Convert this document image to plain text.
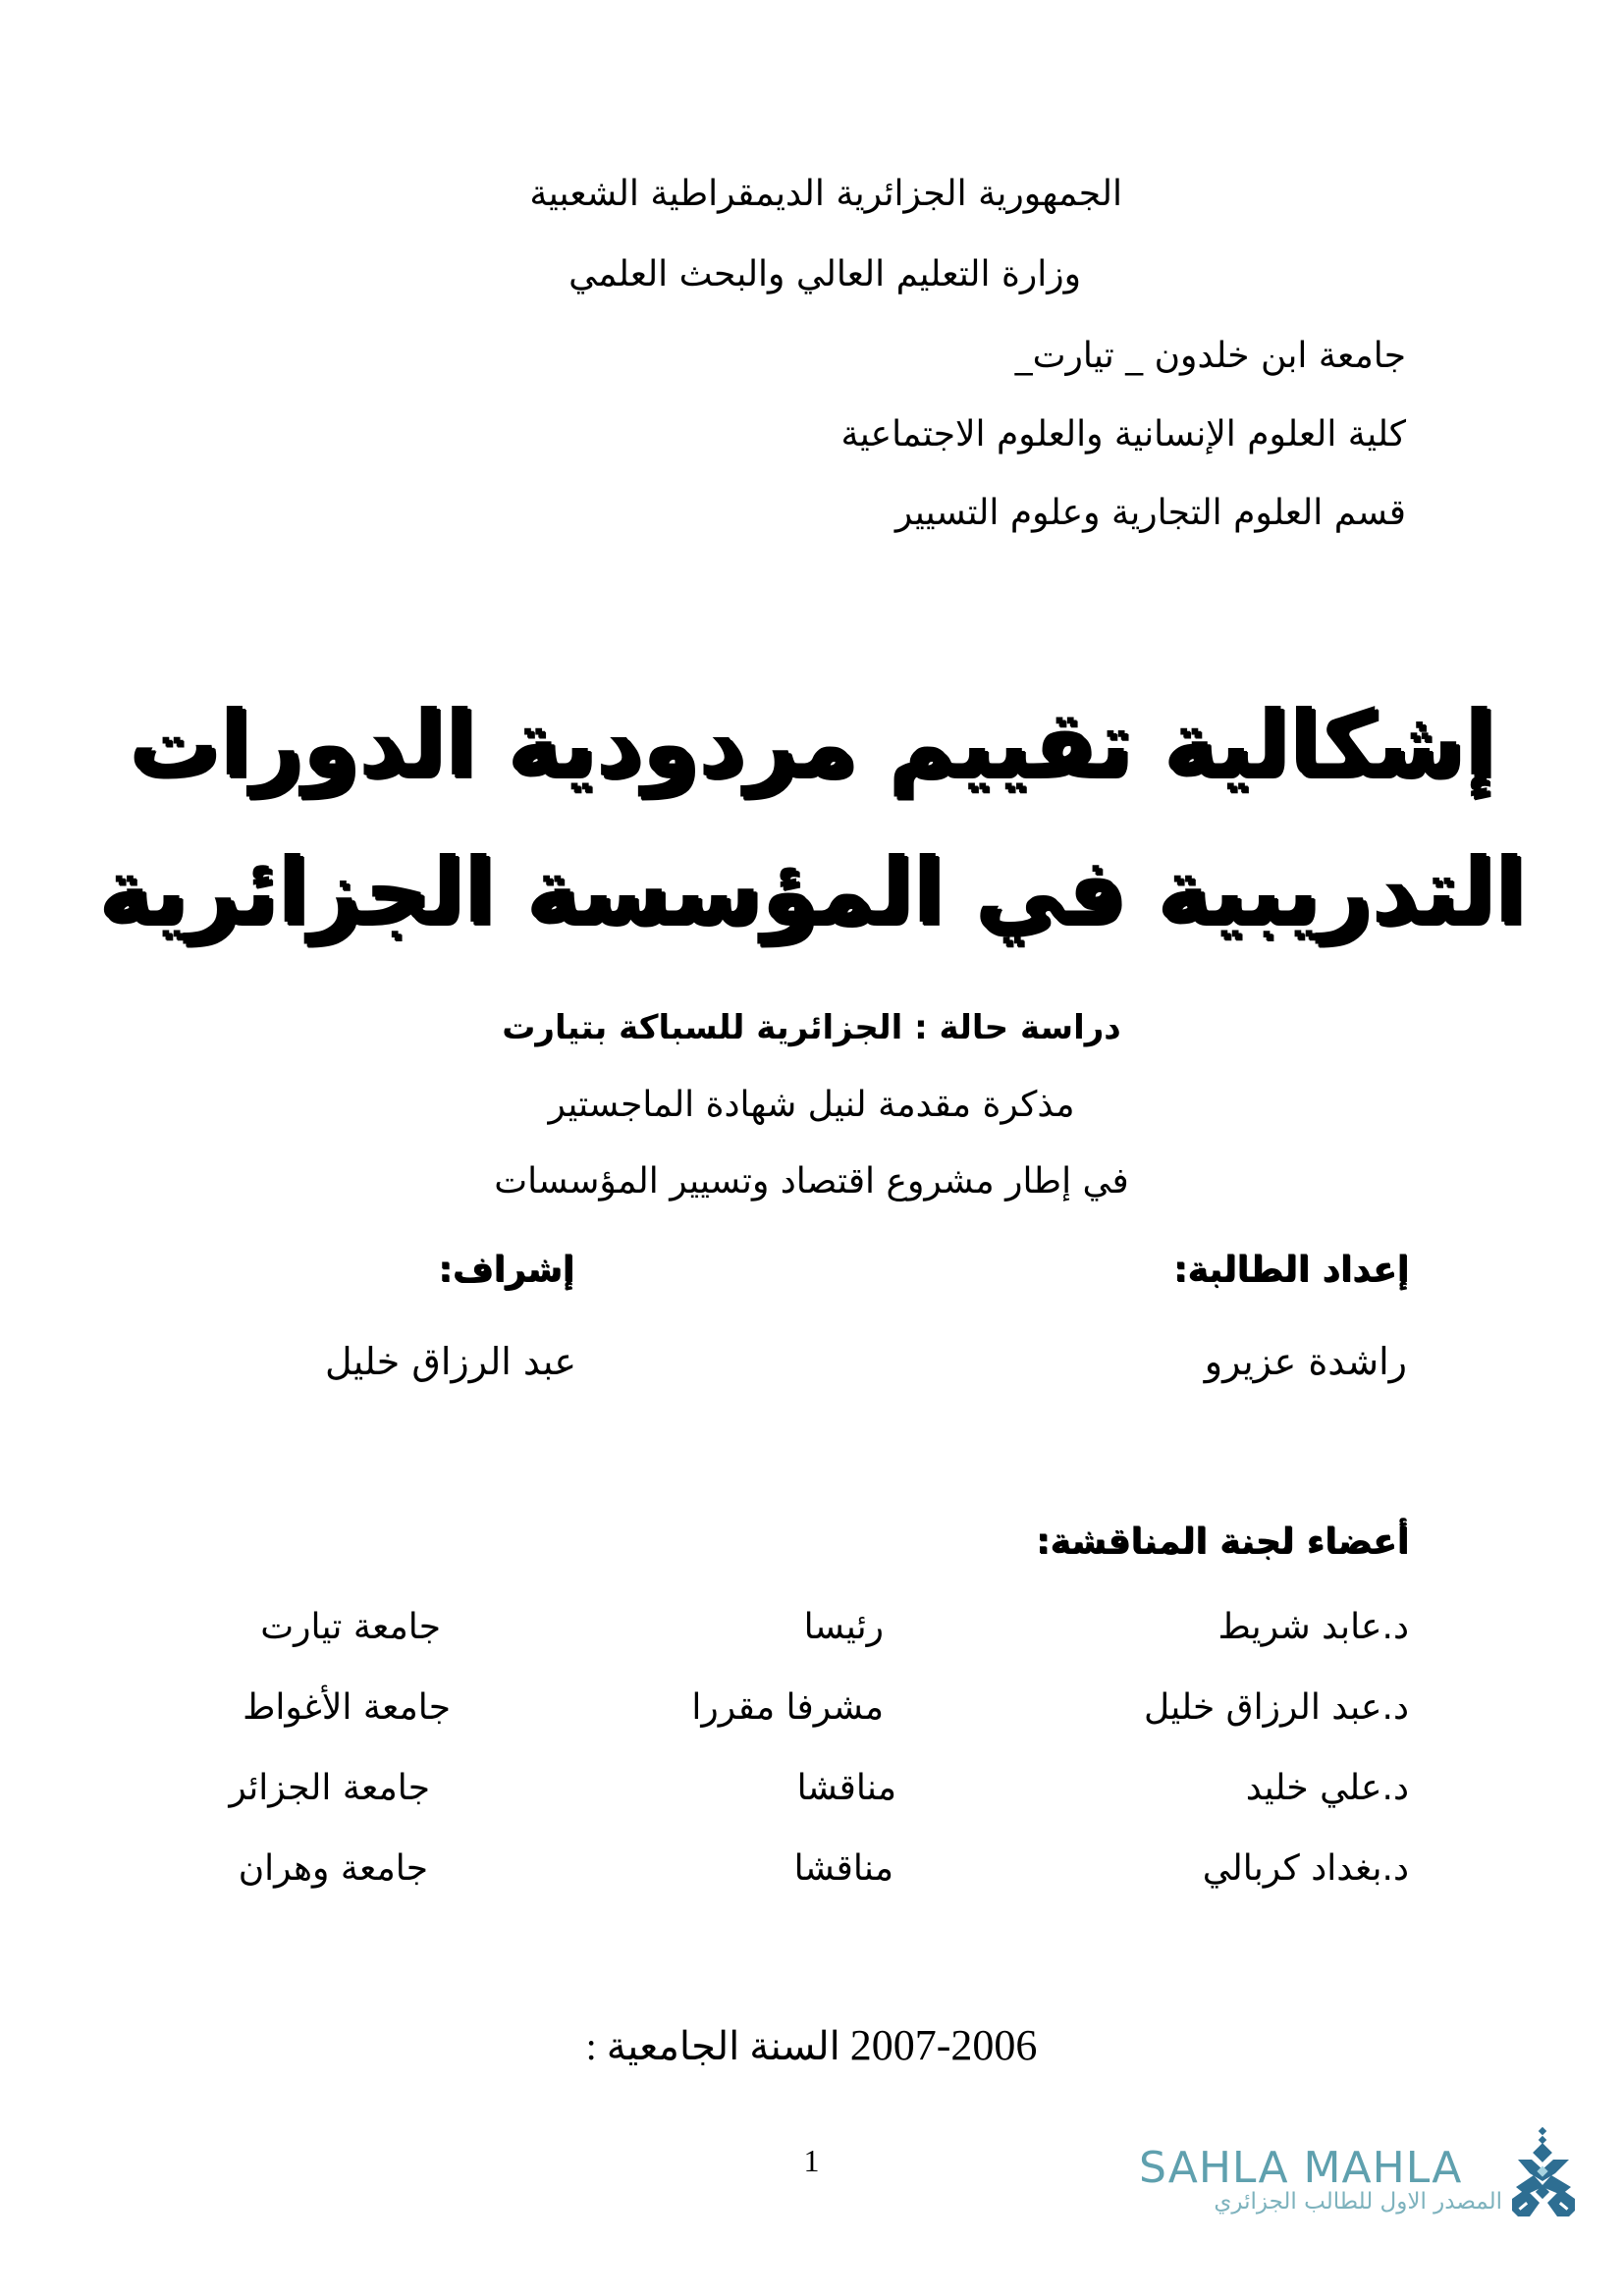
الجمهورية الجزائرية الديمقراطية الشعبية
وزارة التعليم العالي والبحث العلمي
جامعة ابن خلدون _ تيارت_
كلية العلوم الإنسانية والعلوم الاجتماعية
قسم العلوم التجارية وعلوم التسيير
إشكالية تقييم مردودية الدورات
التدريبية في المؤسسة الجزائرية
دراسة حالة : الجزائرية للسباكة بتيارت
مذكرة مقدمة لنيل شهادة الماجستير
في إطار مشروع اقتصاد وتسيير المؤسسات
إعداد الطالبة:
إشراف:
راشدة عزيرو
عبد الرزاق خليل
أعضاء لجنة المناقشة:
د.عابد شريط
رئيسا
جامعة تيارت
د.عبد الرزاق خليل
مشرفا مقررا
جامعة الأغواط
د.علي خليد
مناقشا
جامعة الجزائر
د.بغداد كربالي
مناقشا
جامعة وهران
السنة الجامعية : 2007-2006
1	SAHLA MAHLA
المصدر الاول للطالب الجزائري
